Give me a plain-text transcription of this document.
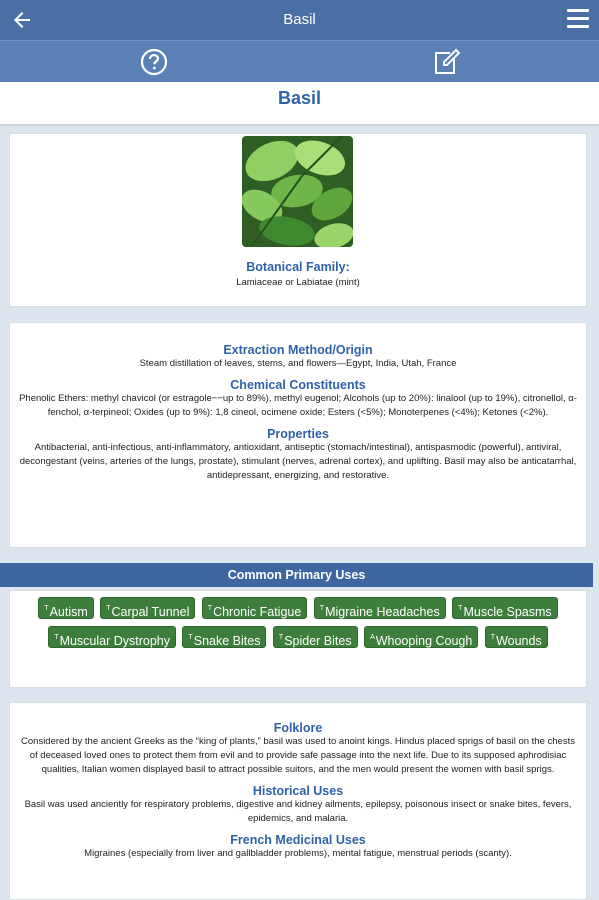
Basil
Basil
Botanical Family:
Lamiaceae or Labiatae (mint)
Extraction Method/Origin
Steam distillation of leaves, stems, and flowers—Egypt, India, Utah, France
Chemical Constituents
Phenolic Ethers: methyl chavicol (or estragole−−up to 89%), methyl eugenol; Alcohols (up to 20%): linalool (up to 19%), citronellol, α-fenchol, α-terpineol; Oxides (up to 9%): 1,8 cineol, ocimene oxide; Esters (<5%); Monoterpenes (<4%); Ketones (<2%).
Properties
Antibacterial, anti-infectious, anti-inflammatory, antioxidant, antiseptic (stomach/intestinal), antispasmodic (powerful), antiviral, decongestant (veins, arteries of the lungs, prostate), stimulant (nerves, adrenal cortex), and uplifting. Basil may also be anticatarrhal, antidepressant, energizing, and restorative.
Common Primary Uses
$^T$Autism	$^T$Carpal Tunnel	$^T$Chronic Fatigue	$^T$Migraine Headaches	$^T$Muscle Spasms $^T$Muscular Dystrophy	$^T$Snake Bites	$^T$Spider Bites	$^A$Whooping Cough	$^T$Wounds
Folklore
Considered by the ancient Greeks as the “king of plants,” basil was used to anoint kings. Hindus placed sprigs of basil on the chests of deceased loved ones to protect them from evil and to provide safe passage into the next life. Due to its supposed aphrodisiac qualities, Italian women displayed basil to attract possible suitors, and the men would present the women with basil sprigs.
Historical Uses
Basil was used anciently for respiratory problems, digestive and kidney ailments, epilepsy, poisonous insect or snake bites, fevers, epidemics, and malaria.
French Medicinal Uses
Migraines (especially from liver and gallbladder problems), mental fatigue, menstrual periods (scanty).
